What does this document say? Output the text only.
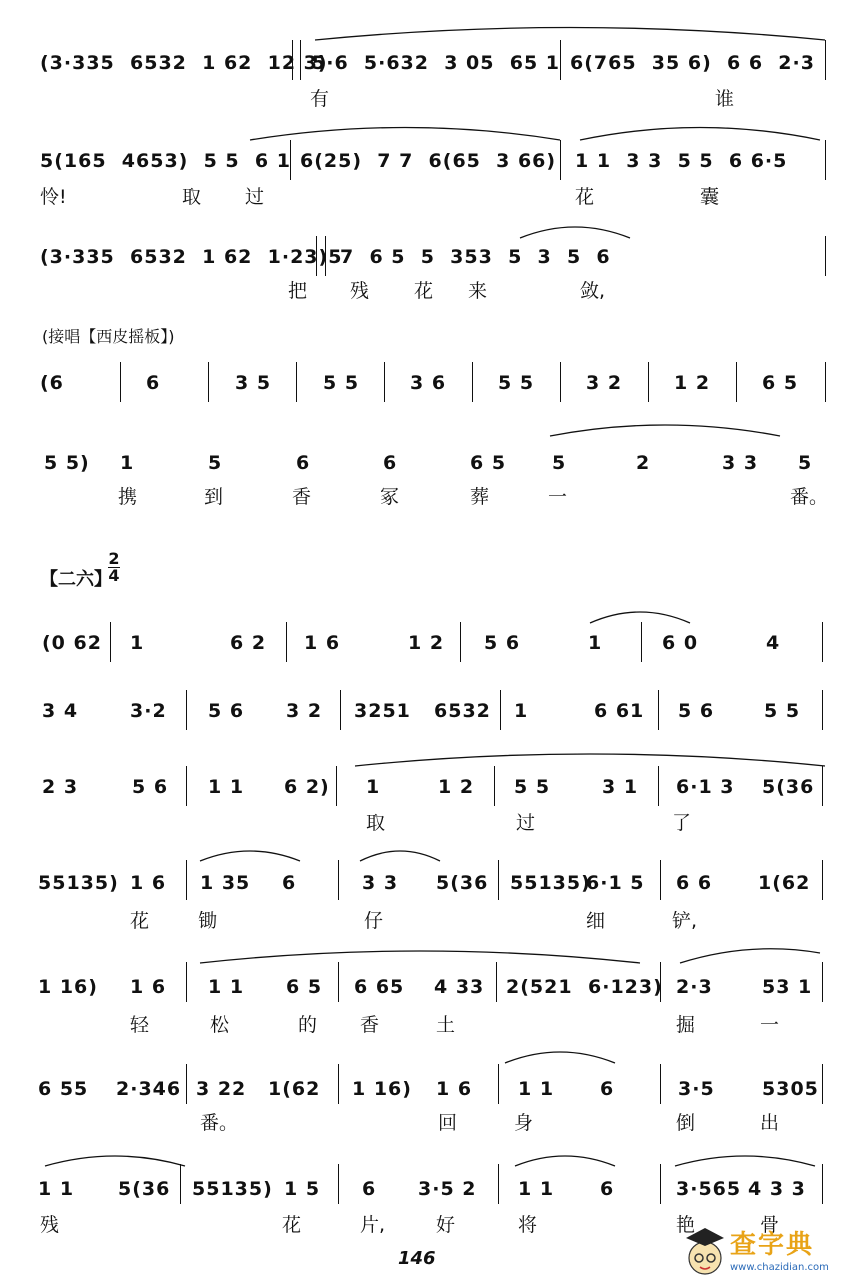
(3·335  6532  1 62  12 3)
5·6  5·632  3 05  65 1 6(765  35 6)  6 6  2·3
有	谁
5(165  4653)  5 5  6 1 6(25)  7 7  6(65  3 66) 1 1  3 3  5 5  6 6·5
怜!	取 过	花	囊
(3·335  6532  1 62  1·23)5
7  6 5  5  353  5  3  5  6
把 残 花 来	敛,
(接唱【西皮摇板】)
(6	6	3 5	5 5	3 6	5 5	3 2	1 2	6 5
5 5) 1	5	6	6	6 5 5	2	3 3 5
携	到	香	冢	葬	一	番。
【二六】
2
4
(0 62 1	6 2 1 6	1 2 5 6	1	6 0	4
3 4	3·2 5 6 3 2 3251 6532 1	6 61 5 6	5 5
2 3	5 6 1 1 6 2) 1	1 2 5 5	3 1 6·1 3 5(36
取	过	了
55135) 1 6 1 35 6	3 3 5(36 55135)
6·1 5 6 6 1(62
花	锄	仔	细	铲,
1 16) 1 6 1 1 6 5 6 65 4 33 2(521 6·123) 2·3	53 1
轻	松	的 香	土	掘	一
6 55 2·346 3 22 1(62 1 16) 1 6 1 1 6	3·5 5305
番。	回	身	倒	出
1 1 5(36 55135) 1 5 6 3·5 2 1 1 6	3·565 4 3 3
残	花	片,	好	将	艳	骨
146	查字典
www.chazidian.com
